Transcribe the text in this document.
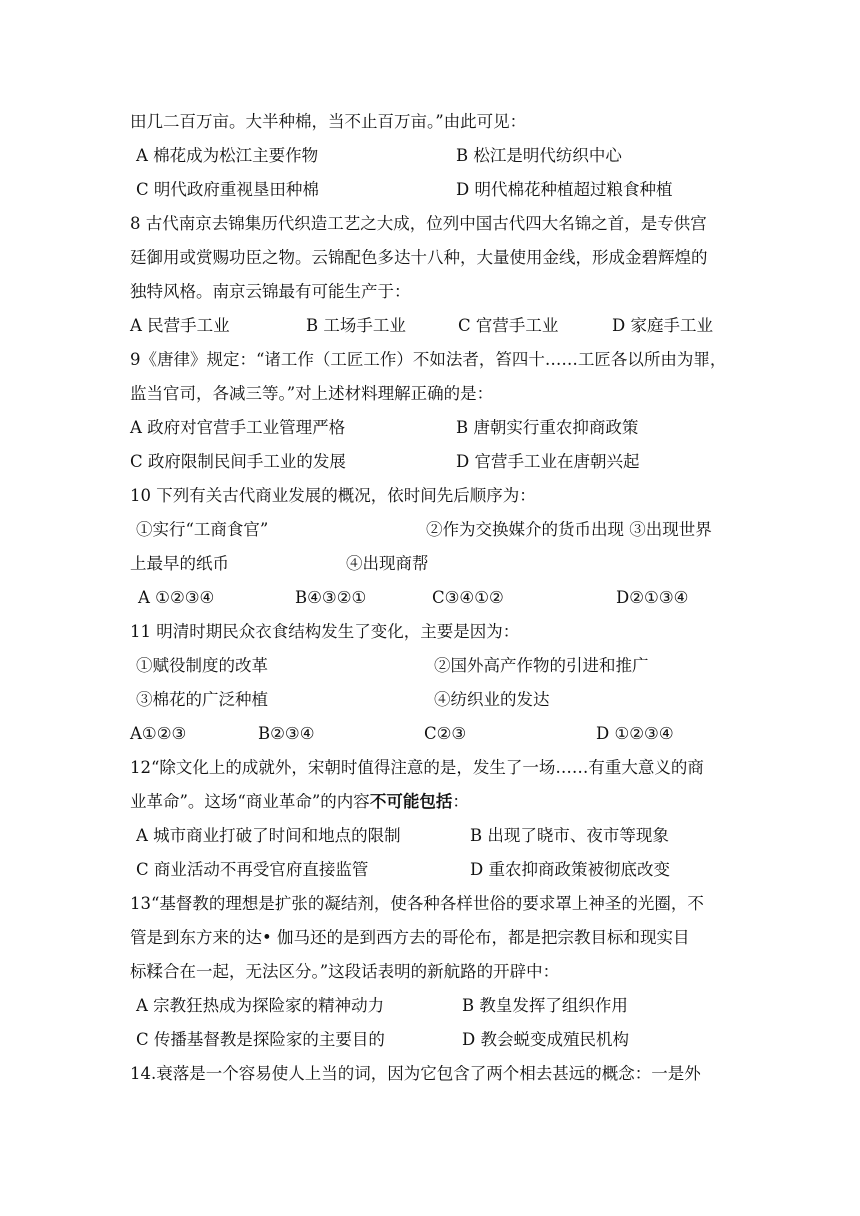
田几二百万亩。大半种棉，当不止百万亩。”由此可见：
A 棉花成为松江主要作物	B 松江是明代纺织中心
C 明代政府重视垦田种棉	D 明代棉花种植超过粮食种植
8 古代南京去锦集历代织造工艺之大成，位列中国古代四大名锦之首，是专供宫
廷御用或赏赐功臣之物。云锦配色多达十八种，大量使用金线，形成金碧辉煌的
独特风格。南京云锦最有可能生产于：
A 民营手工业	B 工场手工业	C 官营手工业	D 家庭手工业
9《唐律》规定：“诸工作（工匠工作）不如法者，笞四十……工匠各以所由为罪，
监当官司，各减三等。”对上述材料理解正确的是：
A 政府对官营手工业管理严格	B 唐朝实行重农抑商政策
C 政府限制民间手工业的发展	D 官营手工业在唐朝兴起
10 下列有关古代商业发展的概况，依时间先后顺序为：
①实行“工商食官”	②作为交换媒介的货币出现 ③出现世界
上最早的纸币	④出现商帮
A ①②③④	B④③②①	C③④①②	D②①③④
11 明清时期民众衣食结构发生了变化，主要是因为：
①赋役制度的改革	②国外高产作物的引进和推广
③棉花的广泛种植	④纺织业的发达
A①②③	B②③④	C②③	D ①②③④
12“除文化上的成就外，宋朝时值得注意的是，发生了一场……有重大意义的商
业革命”。这场“商业革命”的内容不可能包括：
A 城市商业打破了时间和地点的限制	B 出现了晓市、夜市等现象
C 商业活动不再受官府直接监管	D 重农抑商政策被彻底改变
13“基督教的理想是扩张的凝结剂，使各种各样世俗的要求罩上神圣的光圈，不
管是到东方来的达• 伽马还的是到西方去的哥伦布，都是把宗教目标和现实目
标糅合在一起，无法区分。”这段话表明的新航路的开辟中：
A 宗教狂热成为探险家的精神动力	B 教皇发挥了组织作用
C 传播基督教是探险家的主要目的	D 教会蜕变成殖民机构
14.衰落是一个容易使人上当的词，因为它包含了两个相去甚远的概念：一是外
